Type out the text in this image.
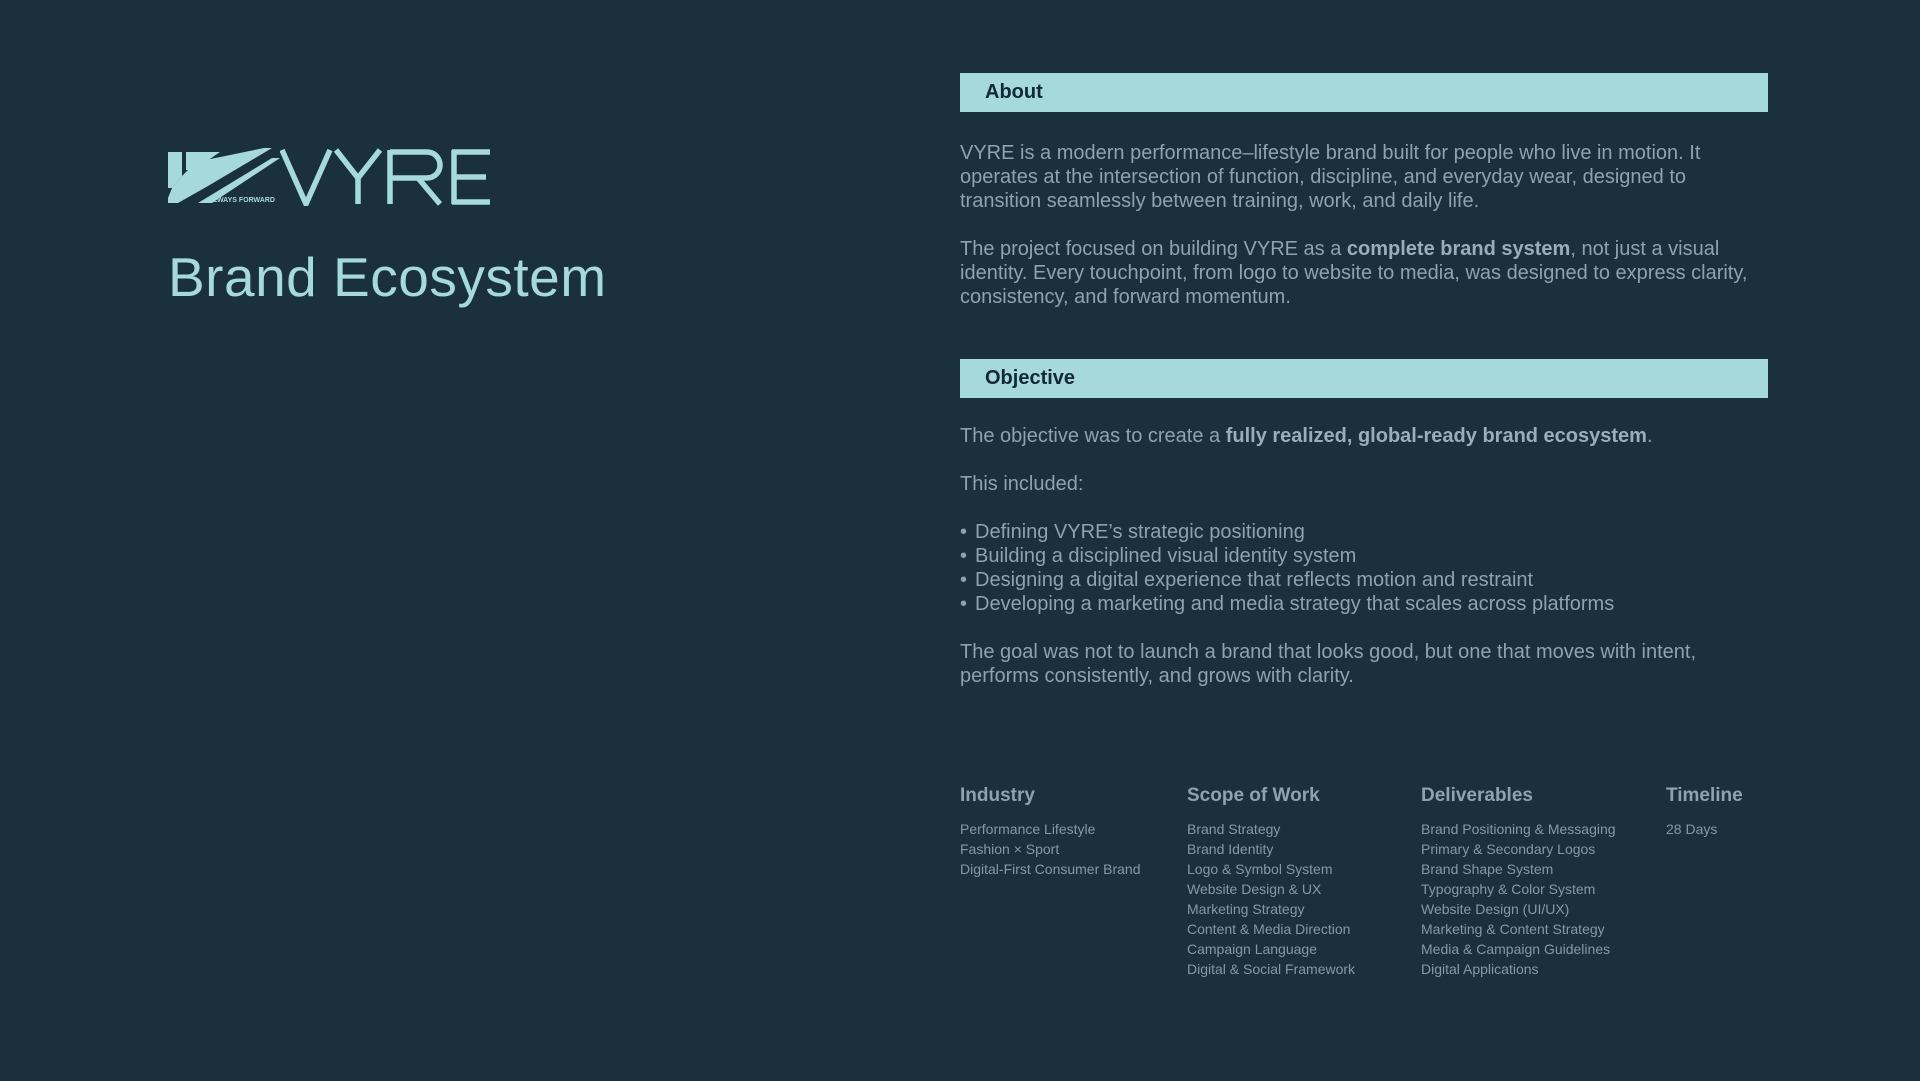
ALWAYS FORWARD
Brand Ecosystem
About

VYRE is a modern performance–lifestyle brand built for people who live in motion. It operates at the intersection of function, discipline, and everyday wear, designed to transition seamlessly between training, work, and daily life.

The project focused on building VYRE as a complete brand system, not just a visual identity. Every touchpoint, from logo to website to media, was designed to express clarity, consistency, and forward momentum.

Objective

The objective was to create a fully realized, global-ready brand ecosystem.

This included:

• Defining VYRE’s strategic positioning
• Building a disciplined visual identity system
• Designing a digital experience that reflects motion and restraint
• Developing a marketing and media strategy that scales across platforms

The goal was not to launch a brand that looks good, but one that moves with intent, performs consistently, and grows with clarity.

Industry
Performance Lifestyle
Fashion × Sport
Digital-First Consumer Brand
Scope of Work
Brand Strategy
Brand Identity
Logo & Symbol System
Website Design & UX
Marketing Strategy
Content & Media Direction
Campaign Language
Digital & Social Framework
Deliverables
Brand Positioning & Messaging
Primary & Secondary Logos
Brand Shape System
Typography & Color System
Website Design (UI/UX)
Marketing & Content Strategy
Media & Campaign Guidelines
Digital Applications
Timeline
28 Days
